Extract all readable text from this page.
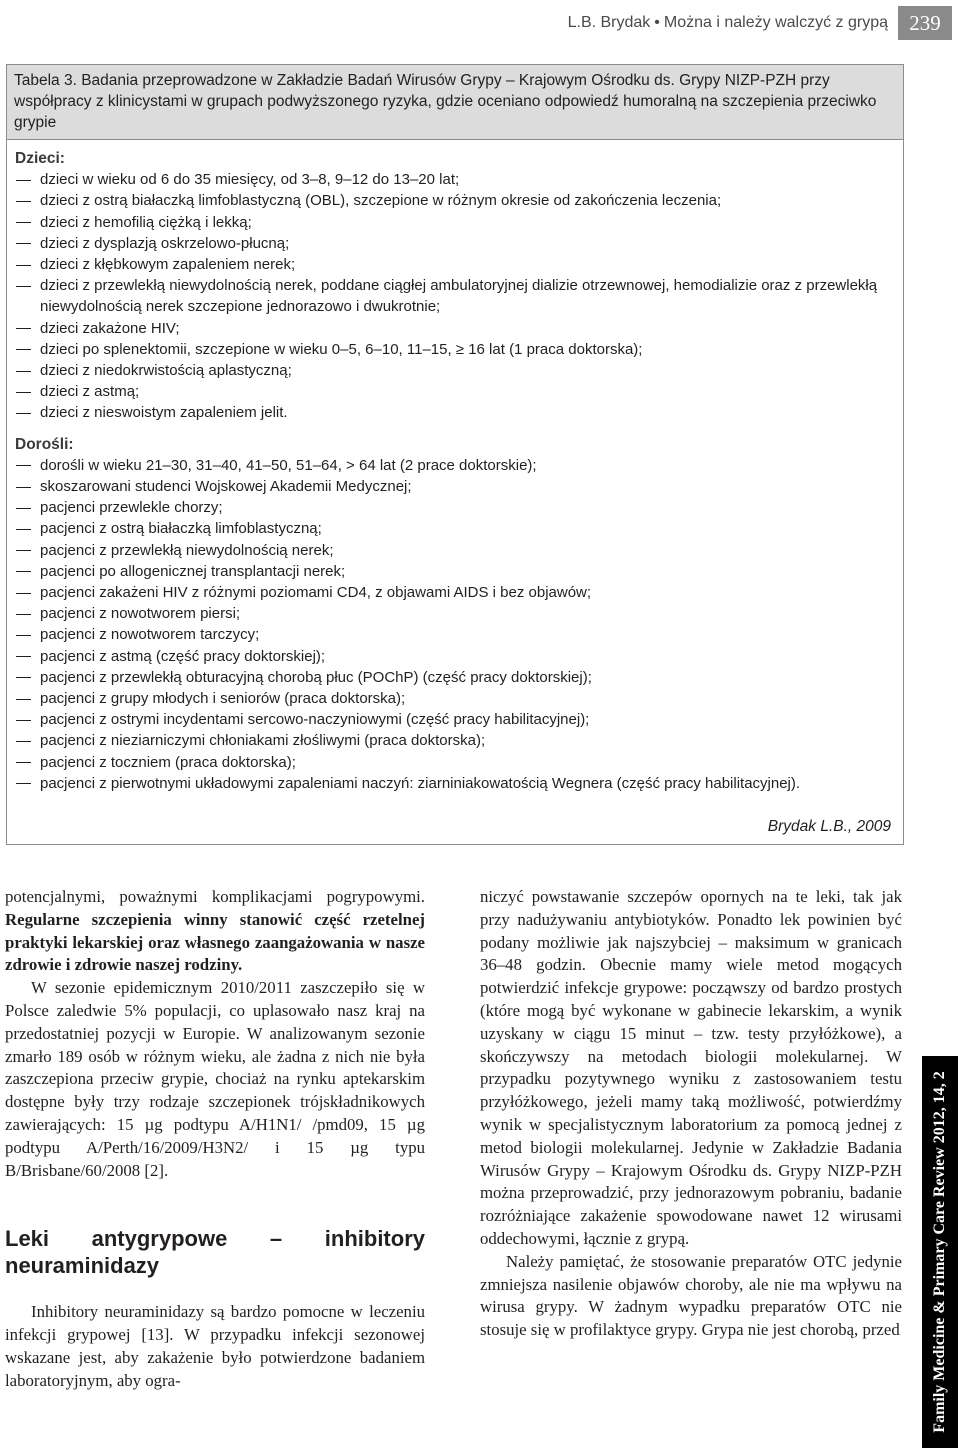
L.B. Brydak • Można i należy walczyć z grypą	239
Tabela 3. Badania przeprowadzone w Zakładzie Badań Wirusów Grypy – Krajowym Ośrodku ds. Grypy NIZP-PZH przy współpracy z klinicystami w grupach podwyższonego ryzyka, gdzie oceniano odpowiedź humoralną na szczepienia przeciwko grypie

Dzieci:

dzieci w wieku od 6 do 35 miesięcy, od 3–8, 9–12 do 13–20 lat;
dzieci z ostrą białaczką limfoblastyczną (OBL), szczepione w różnym okresie od zakończenia leczenia;
dzieci z hemofilią ciężką i lekką;
dzieci z dysplazją oskrzelowo-płucną;
dzieci z kłębkowym zapaleniem nerek;
dzieci z przewlekłą niewydolnością nerek, poddane ciągłej ambulatoryjnej dializie otrzewnowej, hemodializie oraz z przewlekłą niewydolnością nerek szczepione jednorazowo i dwukrotnie;
dzieci zakażone HIV;
dzieci po splenektomii, szczepione w wieku 0–5, 6–10, 11–15, ≥ 16 lat (1 praca doktorska);
dzieci z niedokrwistością aplastyczną;
dzieci z astmą;
dzieci z nieswoistym zapaleniem jelit.

Dorośli:

dorośli w wieku 21–30, 31–40, 41–50, 51–64, > 64 lat (2 prace doktorskie);
skoszarowani studenci Wojskowej Akademii Medycznej;
pacjenci przewlekle chorzy;
pacjenci z ostrą białaczką limfoblastyczną;
pacjenci z przewlekłą niewydolnością nerek;
pacjenci po allogenicznej transplantacji nerek;
pacjenci zakażeni HIV z różnymi poziomami CD4, z objawami AIDS i bez objawów;
pacjenci z nowotworem piersi;
pacjenci z nowotworem tarczycy;
pacjenci z astmą (część pracy doktorskiej);
pacjenci z przewlekłą obturacyjną chorobą płuc (POChP) (część pracy doktorskiej);
pacjenci z grupy młodych i seniorów (praca doktorska);
pacjenci z ostrymi incydentami sercowo-naczyniowymi (część pracy habilitacyjnej);
pacjenci z nieziarniczymi chłoniakami złośliwymi (praca doktorska);
pacjenci z toczniem (praca doktorska);
pacjenci z pierwotnymi układowymi zapaleniami naczyń: ziarniniakowatością Wegnera (część pracy habilitacyjnej).
Brydak L.B., 2009

potencjalnymi, poważnymi komplikacjami pogrypowymi. Regularne szczepienia winny stanowić część rzetelnej praktyki lekarskiej oraz własnego zaangażowania w nasze zdrowie i zdrowie naszej rodziny.

W sezonie epidemicznym 2010/2011 zaszczepiło się w Polsce zaledwie 5% populacji, co uplasowało nasz kraj na przedostatniej pozycji w Europie. W analizowanym sezonie zmarło 189 osób w różnym wieku, ale żadna z nich nie była zaszczepiona przeciw grypie, chociaż na rynku aptekarskim dostępne były trzy rodzaje szczepionek trójskładnikowych zawierających: 15 µg podtypu A/H1N1/ /pmd09, 15 µg podtypu A/Perth/16/2009/H3N2/ i 15 µg typu B/Brisbane/60/2008 [2].

Leki antygrypowe – inhibitory neuraminidazy

Inhibitory neuraminidazy są bardzo pomocne w leczeniu infekcji grypowej [13]. W przypadku infekcji sezonowej wskazane jest, aby zakażenie było potwierdzone badaniem laboratoryjnym, aby ogra-

niczyć powstawanie szczepów opornych na te leki, tak jak przy nadużywaniu antybiotyków. Ponadto lek powinien być podany możliwie jak najszybciej – maksimum w granicach 36–48 godzin. Obecnie mamy wiele metod mogących potwierdzić infekcje grypowe: począwszy od bardzo prostych (które mogą być wykonane w gabinecie lekarskim, a wynik uzyskany w ciągu 15 minut – tzw. testy przyłóżkowe), a skończywszy na metodach biologii molekularnej. W przypadku pozytywnego wyniku z zastosowaniem testu przyłóżkowego, jeżeli mamy taką możliwość, potwierdźmy wynik w specjalistycznym laboratorium za pomocą jednej z metod biologii molekularnej. Jedynie w Zakładzie Badania Wirusów Grypy – Krajowym Ośrodku ds. Grypy NIZP-PZH można przeprowadzić, przy jednorazowym pobraniu, badanie rozróżniające zakażenie spowodowane nawet 12 wirusami oddechowymi, łącznie z grypą.

Należy pamiętać, że stosowanie preparatów OTC jedynie zmniejsza nasilenie objawów choroby, ale nie ma wpływu na wirusa grypy. W żadnym wypadku preparatów OTC nie stosuje się w profilaktyce grypy. Grypa nie jest chorobą, przed Family Medicine & Primary Care Review 2012, 14, 2
